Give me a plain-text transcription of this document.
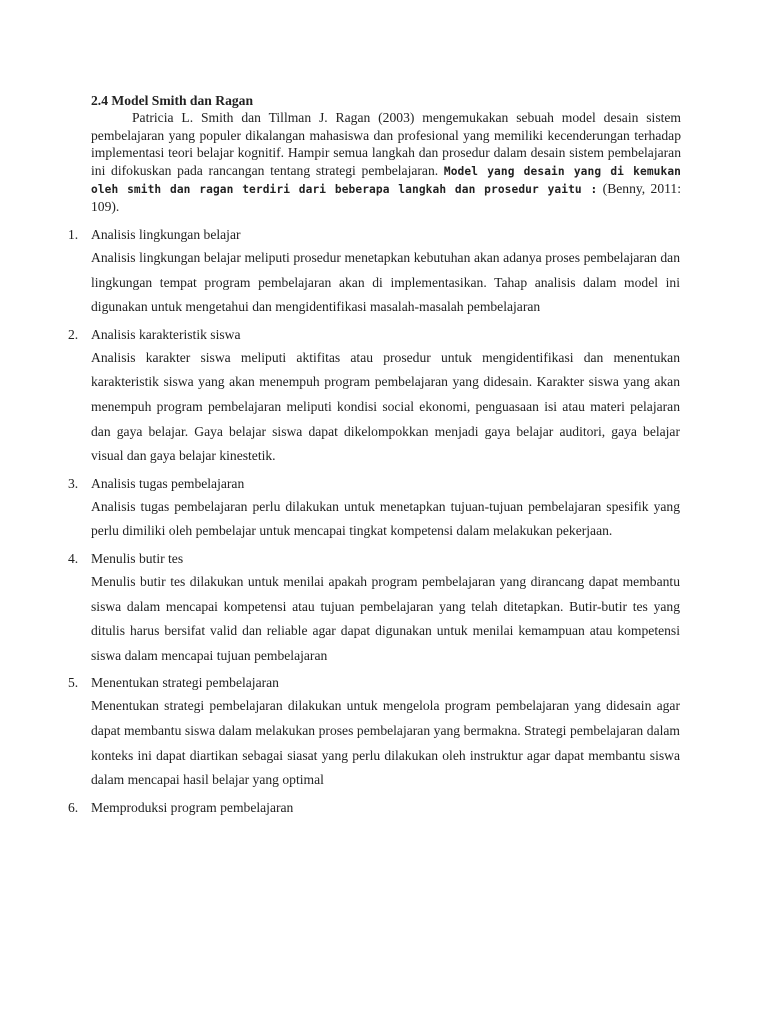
2.4 Model Smith dan Ragan
Patricia L. Smith dan Tillman J. Ragan (2003) mengemukakan sebuah model desain sistem pembelajaran yang populer dikalangan mahasiswa dan profesional yang memiliki kecenderungan terhadap implementasi teori belajar kognitif. Hampir semua langkah dan prosedur dalam desain sistem pembelajaran ini difokuskan pada rancangan tentang strategi pembelajaran. Model yang desain yang di kemukan oleh smith dan ragan terdiri dari beberapa langkah dan prosedur yaitu : (Benny, 2011: 109).
1. Analisis lingkungan belajar
Analisis lingkungan belajar meliputi prosedur menetapkan kebutuhan akan adanya proses pembelajaran dan lingkungan tempat program pembelajaran akan di implementasikan. Tahap analisis dalam model ini digunakan untuk mengetahui dan mengidentifikasi masalah-masalah pembelajaran
2. Analisis karakteristik siswa
Analisis karakter siswa meliputi aktifitas atau prosedur untuk mengidentifikasi dan menentukan karakteristik siswa yang akan menempuh program pembelajaran yang didesain. Karakter siswa yang akan menempuh program pembelajaran meliputi kondisi social ekonomi, penguasaan isi atau materi pelajaran dan gaya belajar. Gaya belajar siswa dapat dikelompokkan menjadi gaya belajar auditori, gaya belajar visual dan gaya belajar kinestetik.
3. Analisis tugas pembelajaran
Analisis tugas pembelajaran perlu dilakukan untuk menetapkan tujuan-tujuan pembelajaran spesifik yang perlu dimiliki oleh pembelajar untuk mencapai tingkat kompetensi dalam melakukan pekerjaan.
4. Menulis butir tes
Menulis butir tes dilakukan untuk menilai apakah program pembelajaran yang dirancang dapat membantu siswa dalam mencapai kompetensi atau tujuan pembelajaran yang telah ditetapkan. Butir-butir tes yang ditulis harus bersifat valid dan reliable agar dapat digunakan untuk menilai kemampuan atau kompetensi siswa dalam mencapai tujuan pembelajaran
5. Menentukan strategi pembelajaran
Menentukan strategi pembelajaran dilakukan untuk mengelola program pembelajaran yang didesain agar dapat membantu siswa dalam melakukan proses pembelajaran yang bermakna. Strategi pembelajaran dalam konteks ini dapat diartikan sebagai siasat yang perlu dilakukan oleh instruktur agar dapat membantu siswa dalam mencapai hasil belajar yang optimal
6. Memproduksi program pembelajaran
